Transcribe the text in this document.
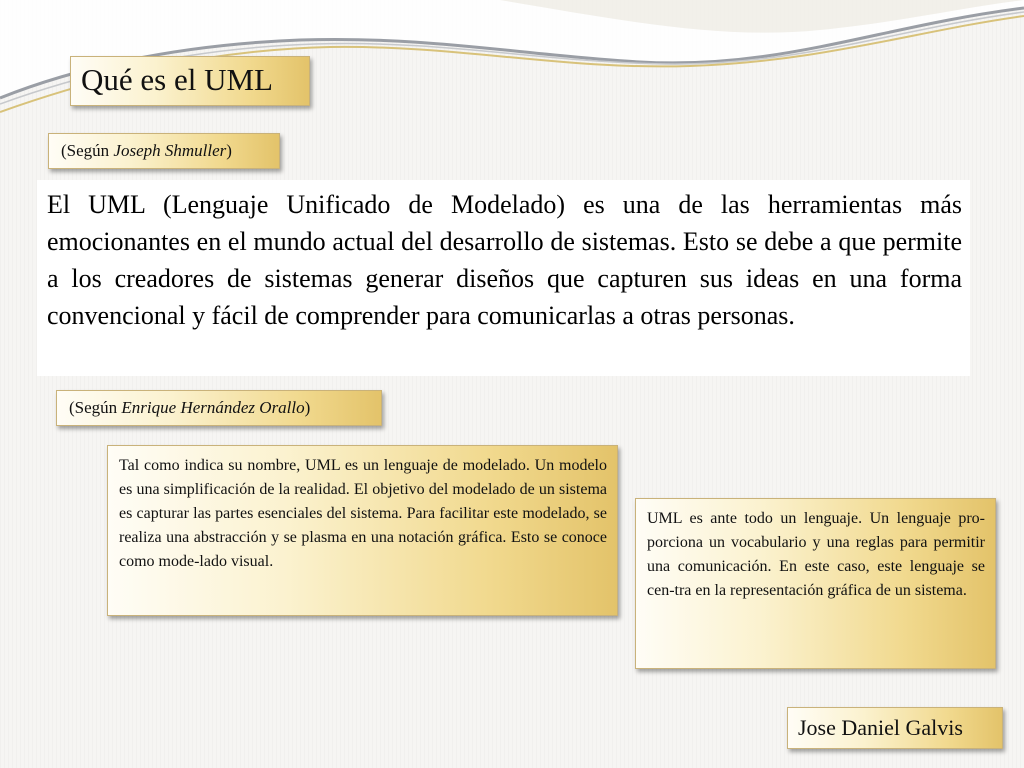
Qué es el UML
(Según Joseph Shmuller)
El UML (Lenguaje Unificado de Modelado) es una de las herramientas más emocionantes en el mundo actual del desarrollo de sistemas. Esto se debe a que permite a los creadores de sistemas generar diseños que capturen sus ideas en una forma convencional y fácil de comprender para comunicarlas a otras personas.
(Según Enrique Hernández Orallo)
Tal como indica su nombre, UML es un lenguaje de modelado. Un modelo es una simplificación de la realidad. El objetivo del modelado de un sistema es capturar las partes esenciales del sistema. Para facilitar este modelado, se realiza una abstracción y se plasma en una notación gráfica. Esto se conoce como mode-lado visual.
UML es ante todo un lenguaje. Un lenguaje pro-porciona un vocabulario y una reglas para permitir una comunicación. En este caso, este lenguaje se cen-tra en la representación gráfica de un sistema.
Jose Daniel Galvis
